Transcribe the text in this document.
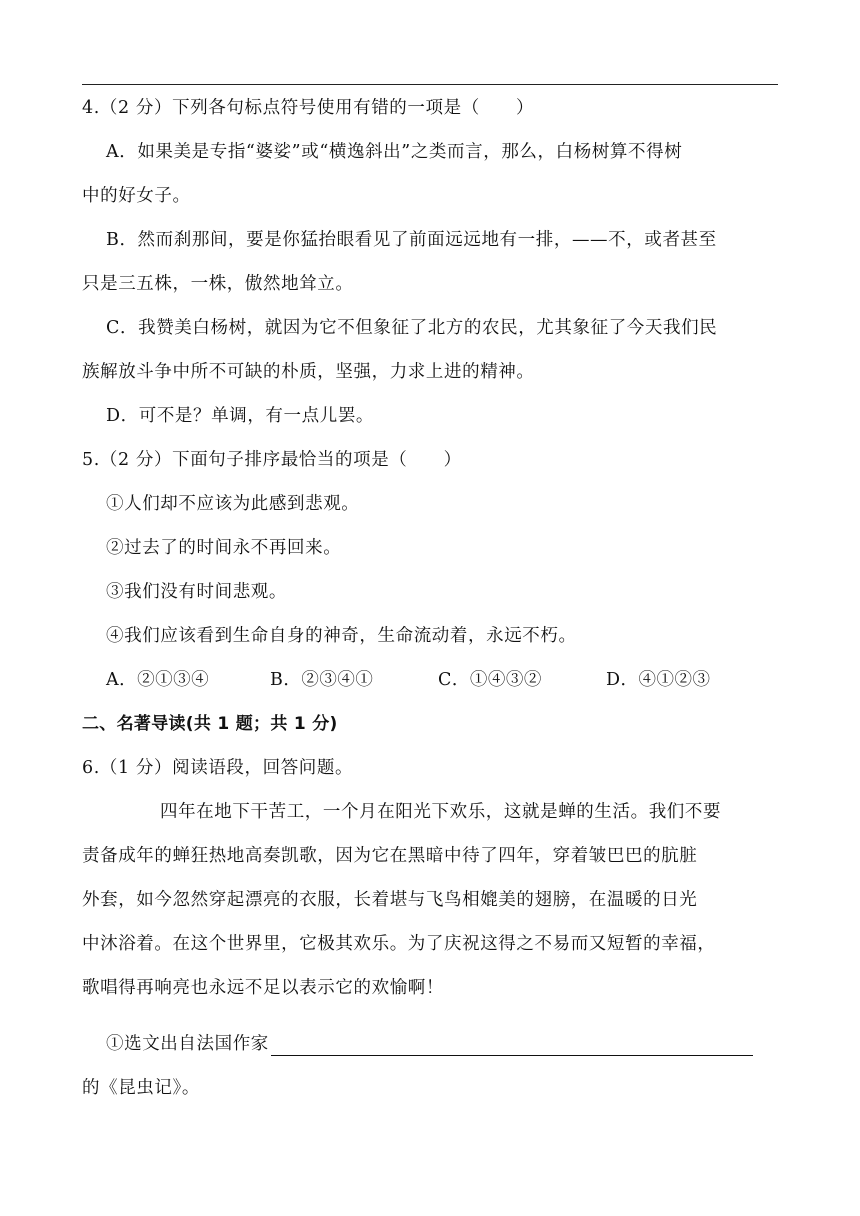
4.（2 分）下列各句标点符号使用有错的一项是（　　）
A．如果美是专指“婆娑”或“横逸斜出”之类而言，那么，白杨树算不得树
中的好女子。
B．然而刹那间，要是你猛抬眼看见了前面远远地有一排，——不，或者甚至
只是三五株，一株，傲然地耸立。
C．我赞美白杨树，就因为它不但象征了北方的农民，尤其象征了今天我们民
族解放斗争中所不可缺的朴质，坚强，力求上进的精神。
D．可不是？单调，有一点儿罢。
5.（2 分）下面句子排序最恰当的项是（　　）
①人们却不应该为此感到悲观。
②过去了的时间永不再回来。
③我们没有时间悲观。
④我们应该看到生命自身的神奇，生命流动着，永远不朽。
A．②①③④	B．②③④①	C．①④③②	D．④①②③
二、名著导读(共 1 题；共 1 分)
6.（1 分）阅读语段，回答问题。
四年在地下干苦工，一个月在阳光下欢乐，这就是蝉的生活。我们不要
责备成年的蝉狂热地高奏凯歌，因为它在黑暗中待了四年，穿着皱巴巴的肮脏
外套，如今忽然穿起漂亮的衣服，长着堪与飞鸟相媲美的翅膀，在温暖的日光
中沐浴着。在这个世界里，它极其欢乐。为了庆祝这得之不易而又短暂的幸福，
歌唱得再响亮也永远不足以表示它的欢愉啊！
①选文出自法国作家
的《昆虫记》。
